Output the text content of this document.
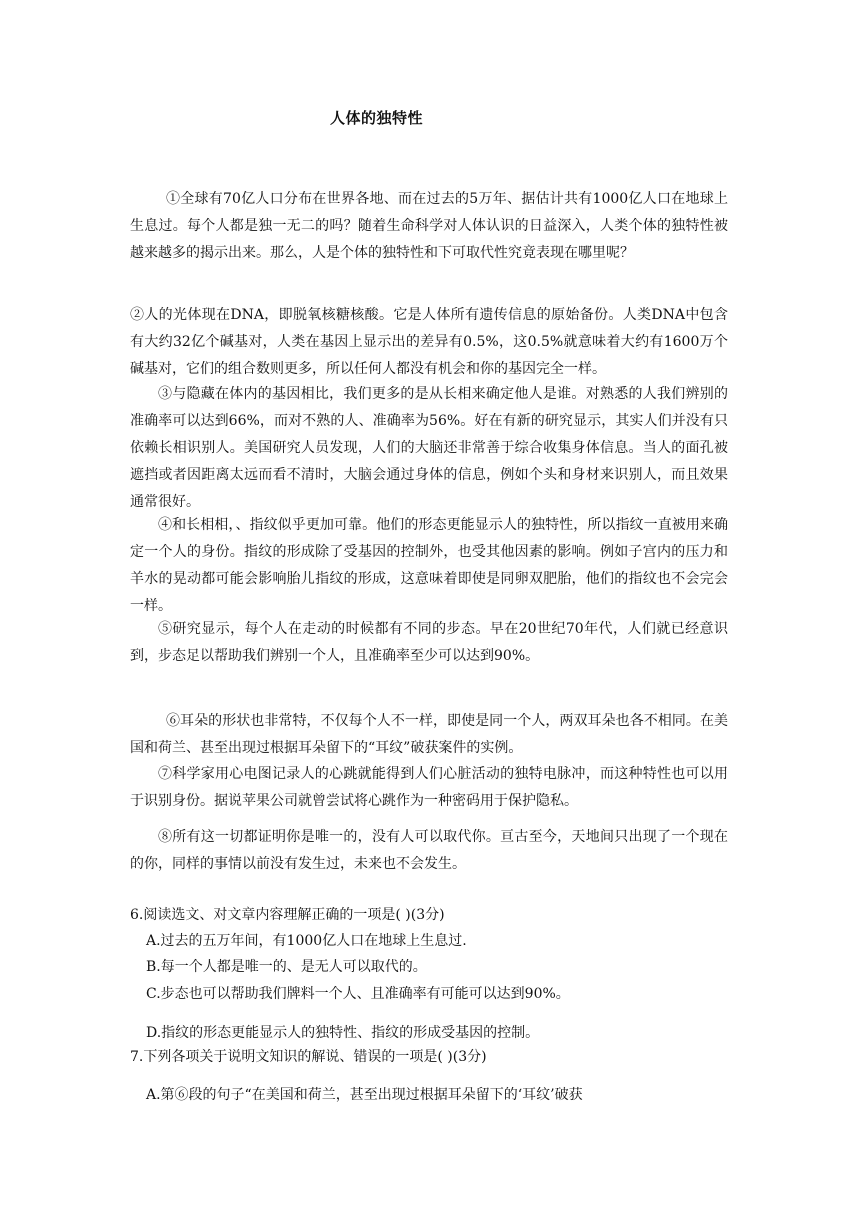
人体的独特性

①全球有70亿人口分布在世界各地、而在过去的5万年、据估计共有1000亿人口在地球上生息过。每个人都是独一无二的吗？随着生命科学对人体认识的日益深入，人类个体的独特性被越来越多的揭示出来。那么，人是个体的独特性和下可取代性究竟表现在哪里呢？

②人的光体现在DNA，即脱氧核糖核酸。它是人体所有遗传信息的原始备份。人类DNA中包含有大约32亿个碱基对，人类在基因上显示出的差异有0.5%，这0.5%就意味着大约有1600万个碱基对，它们的组合数则更多，所以任何人都没有机会和你的基因完全一样。

③与隐藏在体内的基因相比，我们更多的是从长相来确定他人是谁。对熟悉的人我们辨别的准确率可以达到66%，而对不熟的人、准确率为56%。好在有新的研究显示，其实人们并没有只依赖长相识别人。美国研究人员发现，人们的大脑还非常善于综合收集身体信息。当人的面孔被遮挡或者因距离太远而看不清时，大脑会通过身体的信息，例如个头和身材来识别人，而且效果通常很好。

④和长相相，、指纹似乎更加可靠。他们的形态更能显示人的独特性，所以指纹一直被用来确定一个人的身份。指纹的形成除了受基因的控制外，也受其他因素的影响。例如子宫内的压力和羊水的晃动都可能会影响胎儿指纹的形成，这意味着即使是同卵双肥胎，他们的指纹也不会完会一样。

⑤研究显示，每个人在走动的时候都有不同的步态。早在20世纪70年代，人们就已经意识到，步态足以帮助我们辨别一个人，且准确率至少可以达到90%。

⑥耳朵的形状也非常特，不仅每个人不一样，即使是同一个人，两双耳朵也各不相同。在美国和荷兰、甚至出现过根据耳朵留下的“耳纹”破获案件的实例。

⑦科学家用心电图记录人的心跳就能得到人们心脏活动的独特电脉冲，而这种特性也可以用于识别身份。据说苹果公司就曾尝试将心跳作为一种密码用于保护隐私。

⑧所有这一切都证明你是唯一的，没有人可以取代你。亘古至今，天地间只出现了一个现在的你，同样的事情以前没有发生过，未来也不会发生。

6.阅读选文、对文章内容理解正确的一项是( )(3分)
A.过去的五万年间，有1000亿人口在地球上生息过.
B.每一个人都是唯一的、是无人可以取代的。
C.步态也可以帮助我们牌料一个人、且准确率有可能可以达到90%。
D.指纹的形态更能显示人的独特性、指纹的形成受基因的控制。
7.下列各项关于说明文知识的解说、错误的一项是( )(3分)
A.第⑥段的句子“在美国和荷兰，甚至出现过根据耳朵留下的‘耳纹’破获
